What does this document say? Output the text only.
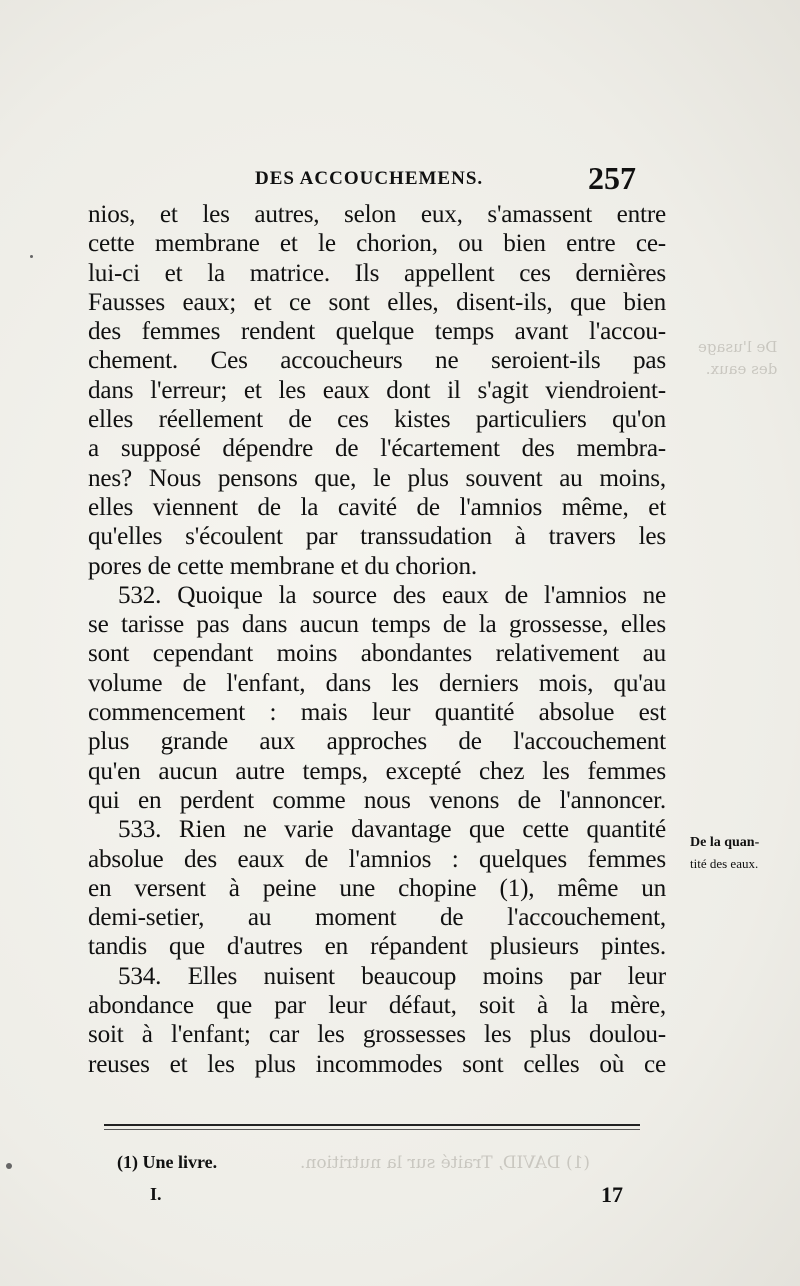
De l'usage
des eaux.
(1) DAVID, Traité sur la nutrition.
DES ACCOUCHEMENS.	257
nios, et les autres, selon eux, s'amassent entre
cette membrane et le chorion, ou bien entre ce-
lui-ci et la matrice. Ils appellent ces dernières
Fausses eaux; et ce sont elles, disent-ils, que bien
des femmes rendent quelque temps avant l'accou-
chement. Ces accoucheurs ne seroient-ils pas
dans l'erreur; et les eaux dont il s'agit viendroient-
elles réellement de ces kistes particuliers qu'on
a supposé dépendre de l'écartement des membra-
nes? Nous pensons que, le plus souvent au moins,
elles viennent de la cavité de l'amnios même, et
qu'elles s'écoulent par transsudation à travers les
pores de cette membrane et du chorion.
532. Quoique la source des eaux de l'amnios ne
se tarisse pas dans aucun temps de la grossesse, elles
sont cependant moins abondantes relativement au
volume de l'enfant, dans les derniers mois, qu'au
commencement : mais leur quantité absolue est
plus grande aux approches de l'accouchement
qu'en aucun autre temps, excepté chez les femmes
qui en perdent comme nous venons de l'annoncer.
533. Rien ne varie davantage que cette quantité
absolue des eaux de l'amnios : quelques femmes
en versent à peine une chopine (1), même un
demi-setier, au moment de l'accouchement,
tandis que d'autres en répandent plusieurs pintes.
534. Elles nuisent beaucoup moins par leur
abondance que par leur défaut, soit à la mère,
soit à l'enfant; car les grossesses les plus doulou-
reuses et les plus incommodes sont celles où ce
De la quan-
tité des eaux.
(1) Une livre.
I.	17
